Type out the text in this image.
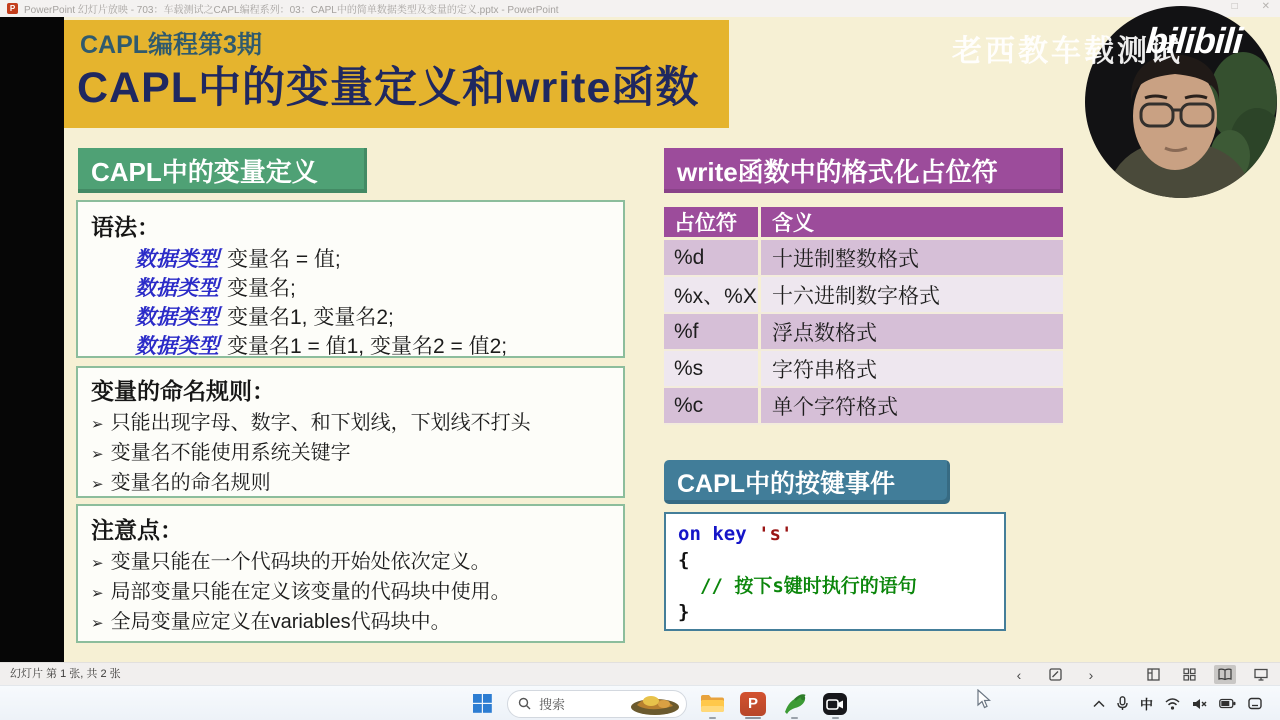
P PowerPoint 幻灯片放映 - 703：车载测试之CAPL编程系列：03：CAPL中的简单数据类型及变量的定义.pptx - PowerPoint	□ ✕
CAPL编程第3期
CAPL中的变量定义和write函数
CAPL中的变量定义
语法：
数据类型 变量名 = 值;
数据类型 变量名;
数据类型 变量名1, 变量名2;
数据类型 变量名1 = 值1, 变量名2 = 值2;
变量的命名规则：
➢ 只能出现字母、数字、和下划线，下划线不打头
➢ 变量名不能使用系统关键字
➢ 变量名的命名规则
注意点：
➢ 变量只能在一个代码块的开始处依次定义。
➢ 局部变量只能在定义该变量的代码块中使用。
➢ 全局变量应定义在variables代码块中。
write函数中的格式化占位符
占位符	含义
%d	十进制整数格式
%x、%X 十六进制数字格式
%f	浮点数格式
%s	字符串格式
%c	单个字符格式
CAPL中的按键事件
on key 's'
{
// 按下s键时执行的语句
}
老西教车载测试
bilibili
幻灯片 第 1 张, 共 2 张	‹	›
搜索	P	中
